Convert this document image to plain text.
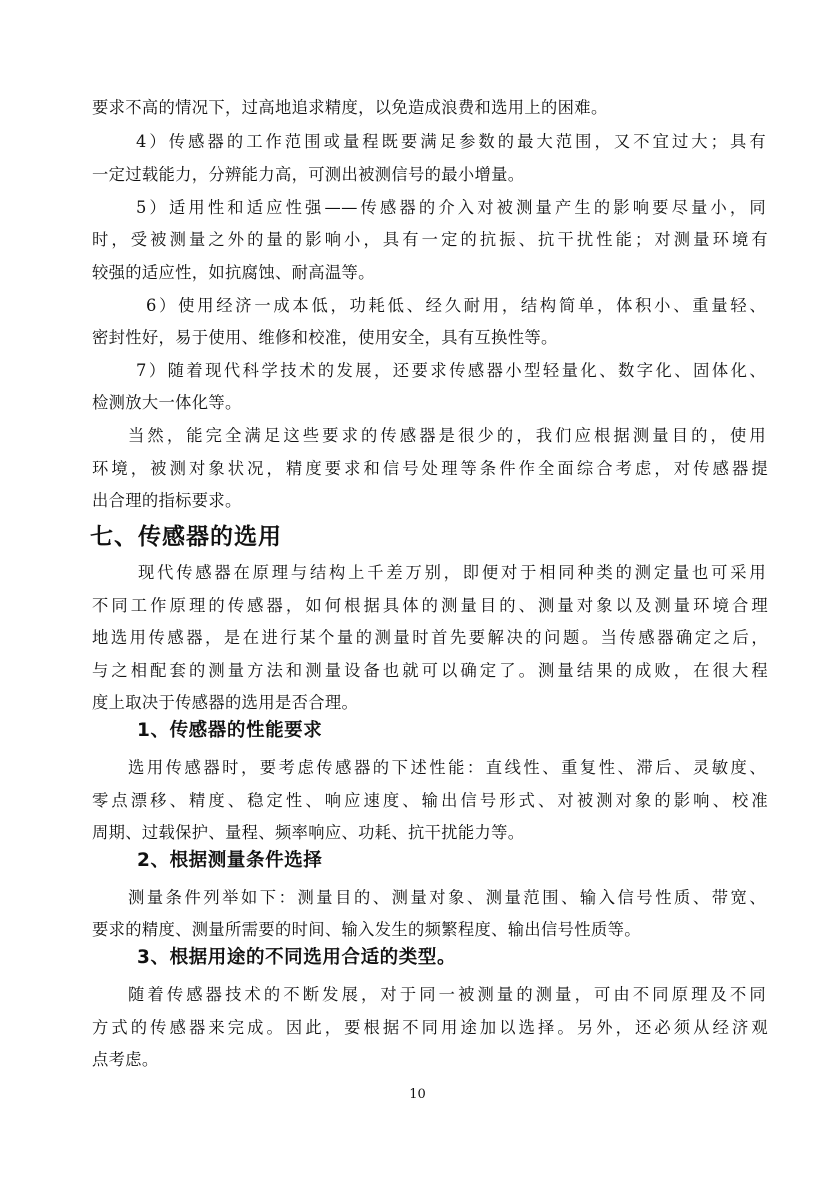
要求不高的情况下，过高地追求精度，以免造成浪费和选用上的困难。
4）传感器的工作范围或量程既要满足参数的最大范围，又不宜过大；具有
一定过载能力，分辨能力高，可测出被测信号的最小增量。
5）适用性和适应性强——传感器的介入对被测量产生的影响要尽量小，同
时，受被测量之外的量的影响小，具有一定的抗振、抗干扰性能；对测量环境有
较强的适应性，如抗腐蚀、耐高温等。
6）使用经济一成本低，功耗低、经久耐用，结构简单，体积小、重量轻、
密封性好，易于使用、维修和校准，使用安全，具有互换性等。
7）随着现代科学技术的发展，还要求传感器小型轻量化、数字化、固体化、
检测放大一体化等。
当然，能完全满足这些要求的传感器是很少的，我们应根据测量目的，使用
环境，被测对象状况，精度要求和信号处理等条件作全面综合考虑，对传感器提
出合理的指标要求。
七、传感器的选用
现代传感器在原理与结构上千差万别，即便对于相同种类的测定量也可采用
不同工作原理的传感器，如何根据具体的测量目的、测量对象以及测量环境合理
地选用传感器，是在进行某个量的测量时首先要解决的问题。当传感器确定之后，
与之相配套的测量方法和测量设备也就可以确定了。测量结果的成败，在很大程
度上取决于传感器的选用是否合理。
1、传感器的性能要求
选用传感器时，要考虑传感器的下述性能：直线性、重复性、滞后、灵敏度、
零点漂移、精度、稳定性、响应速度、输出信号形式、对被测对象的影响、校准
周期、过载保护、量程、频率响应、功耗、抗干扰能力等。
2、根据测量条件选择
测量条件列举如下：测量目的、测量对象、测量范围、输入信号性质、带宽、
要求的精度、测量所需要的时间、输入发生的频繁程度、输出信号性质等。
3、根据用途的不同选用合适的类型。
随着传感器技术的不断发展，对于同一被测量的测量，可由不同原理及不同
方式的传感器来完成。因此，要根据不同用途加以选择。另外，还必须从经济观
点考虑。
10
